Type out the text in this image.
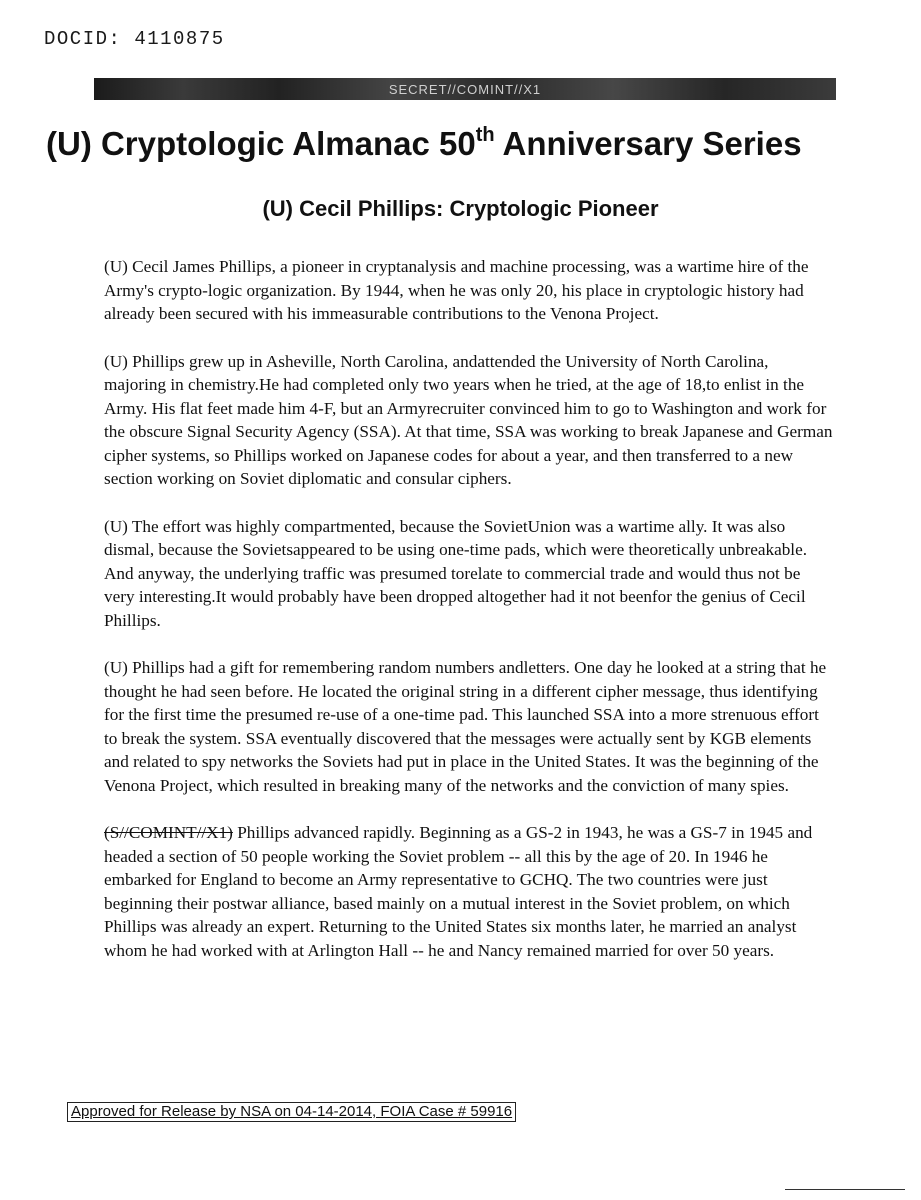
DOCID: 4110875
SECRET//COMINT//X1
(U) Cryptologic Almanac 50th Anniversary Series
(U) Cecil Phillips: Cryptologic Pioneer

(U) Cecil James Phillips, a pioneer in cryptanalysis and machine processing, was a wartime hire of the Army's crypto-logic organization. By 1944, when he was only 20, his place in cryptologic history had already been secured with his immeasurable contributions to the Venona Project.

(U) Phillips grew up in Asheville, North Carolina, andattended the University of North Carolina, majoring in chemistry.He had completed only two years when he tried, at the age of 18,to enlist in the Army. His flat feet made him 4-F, but an Armyrecruiter convinced him to go to Washington and work for the obscure Signal Security Agency (SSA). At that time, SSA was working to break Japanese and German cipher systems, so Phillips worked on Japanese codes for about a year, and then transferred to a new section working on Soviet diplomatic and consular ciphers.

(U) The effort was highly compartmented, because the SovietUnion was a wartime ally. It was also dismal, because the Sovietsappeared to be using one-time pads, which were theoretically unbreakable. And anyway, the underlying traffic was presumed torelate to commercial trade and would thus not be very interesting.It would probably have been dropped altogether had it not beenfor the genius of Cecil Phillips.

(U) Phillips had a gift for remembering random numbers andletters. One day he looked at a string that he thought he had seen before. He located the original string in a different cipher message, thus identifying for the first time the presumed re-use of a one-time pad. This launched SSA into a more strenuous effort to break the system. SSA eventually discovered that the messages were actually sent by KGB elements and related to spy networks the Soviets had put in place in the United States. It was the beginning of the Venona Project, which resulted in breaking many of the networks and the conviction of many spies.

(S//COMINT//X1) Phillips advanced rapidly. Beginning as a GS-2 in 1943, he was a GS-7 in 1945 and headed a section of 50 people working the Soviet problem -- all this by the age of 20. In 1946 he embarked for England to become an Army representative to GCHQ. The two countries were just beginning their postwar alliance, based mainly on a mutual interest in the Soviet problem, on which Phillips was already an expert. Returning to the United States six months later, he married an analyst whom he had worked with at Arlington Hall -- he and Nancy remained married for over 50 years.

Approved for Release by NSA on 04-14-2014, FOIA Case # 59916
